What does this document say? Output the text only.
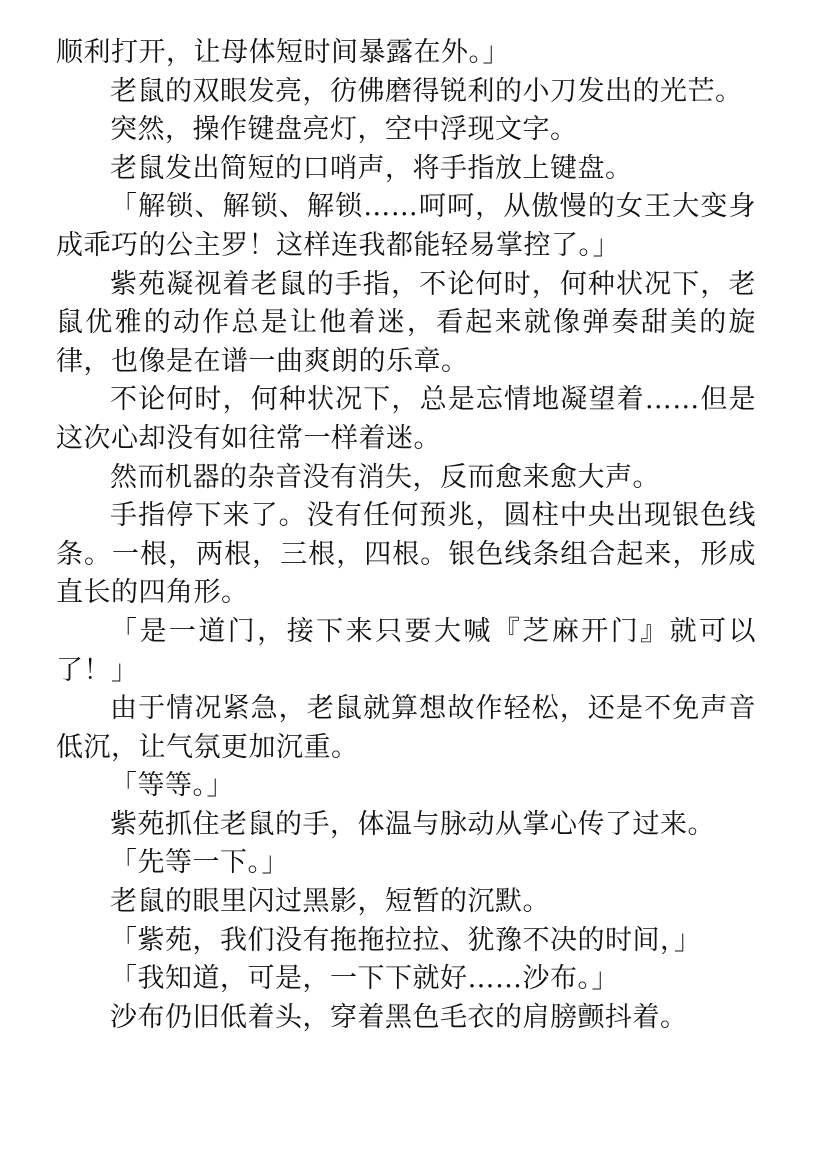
顺利打开，让母体短时间暴露在外。」

老鼠的双眼发亮，彷佛磨得锐利的小刀发出的光芒。

突然，操作键盘亮灯，空中浮现文字。

老鼠发出简短的口哨声，将手指放上键盘。

「解锁、解锁、解锁……呵呵，从傲慢的女王大变身成乖巧的公主罗！这样连我都能轻易掌控了。」

紫苑凝视着老鼠的手指，不论何时，何种状况下，老鼠优雅的动作总是让他着迷，看起来就像弹奏甜美的旋律，也像是在谱一曲爽朗的乐章。

不论何时，何种状况下，总是忘情地凝望着……但是这次心却没有如往常一样着迷。

然而机器的杂音没有消失，反而愈来愈大声。

手指停下来了。没有任何预兆，圆柱中央出现银色线条。一根，两根，三根，四根。银色线条组合起来，形成直长的四角形。

「是一道门，接下来只要大喊『芝麻开门』就可以了！」

由于情况紧急，老鼠就算想故作轻松，还是不免声音低沉，让气氛更加沉重。

「等等。」

紫苑抓住老鼠的手，体温与脉动从掌心传了过来。

「先等一下。」

老鼠的眼里闪过黑影，短暂的沉默。

「紫苑，我们没有拖拖拉拉、犹豫不决的时间，」

「我知道，可是，一下下就好……沙布。」

沙布仍旧低着头，穿着黑色毛衣的肩膀颤抖着。
